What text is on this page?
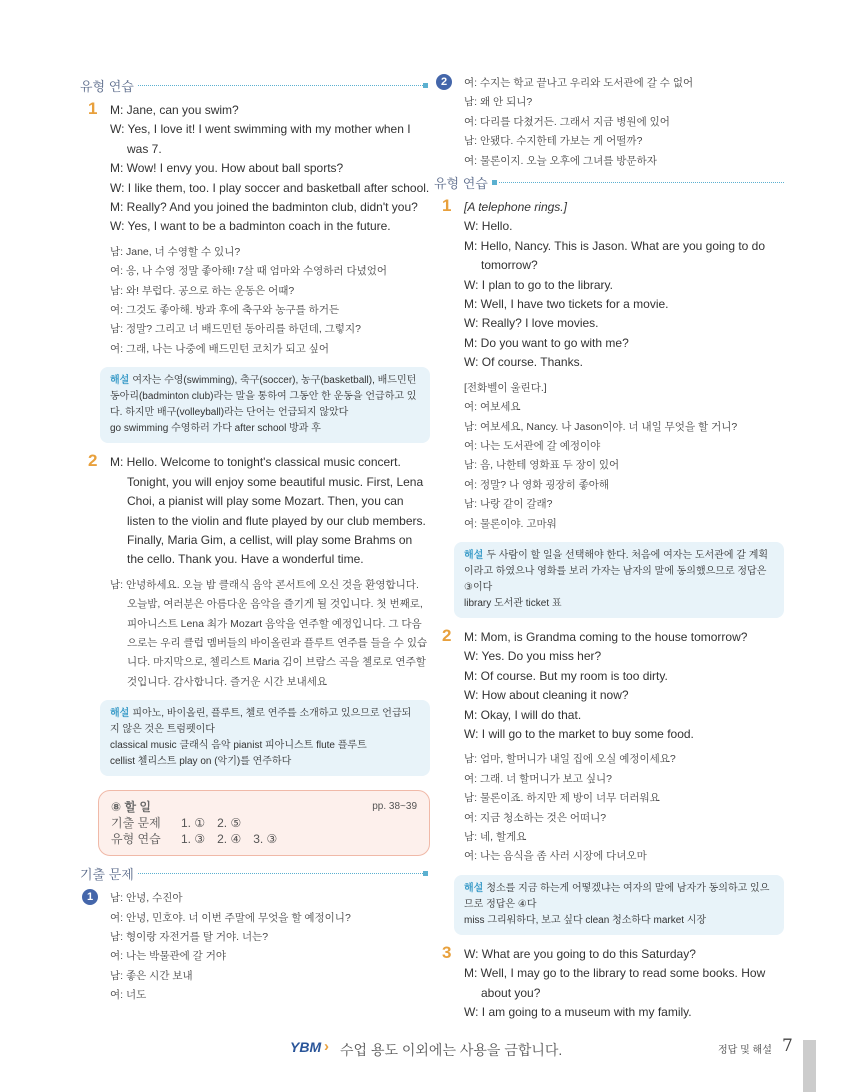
유형 연습
1 M: Jane, can you swim?
W: Yes, I love it! I went swimming with my mother when I was 7.
M: Wow! I envy you. How about ball sports?
W: I like them, too. I play soccer and basketball after school.
M: Really? And you joined the badminton club, didn't you?
W: Yes, I want to be a badminton coach in the future.
남: Jane, 너 수영할 수 있니?
여: 응, 나 수영 정말 좋아해! 7살 때 엄마와 수영하러 다녔었어
남: 와! 부럽다. 공으로 하는 운동은 어때?
여: 그것도 좋아해. 방과 후에 축구와 농구를 하거든
남: 정말? 그리고 너 배드민턴 동아리를 하던데, 그렇지?
여: 그래, 나는 나중에 배드민턴 코치가 되고 싶어
해설 여자는 수영(swimming), 축구(soccer), 농구(basketball), 배드민턴 동아리(badminton club)라는 말을 통하여 그동안 한 운동을 언급하고 있다. 하지만 배구(volleyball)라는 단어는 언급되지 않았다
go swimming 수영하러 가다 after school 방과 후
2 M: Hello. Welcome to tonight's classical music concert. Tonight, you will enjoy some beautiful music. First, Lena Choi, a pianist will play some Mozart. Then, you can listen to the violin and flute played by our club members. Finally, Maria Gim, a cellist, will play some Brahms on the cello. Thank you. Have a wonderful time.
남: 안녕하세요. 오늘 밤 클래식 음악 콘서트에 오신 것을 환영합니다. 오늘밤, 여러분은 아름다운 음악을 즐기게 될 것입니다. 첫 번째로, 피아니스트 Lena 최가 Mozart 음악을 연주할 예정입니다. 그 다음으로는 우리 클럽 멤버들의 바이올린과 플루트 연주를 들을 수 있습니다. 마지막으로, 첼리스트 Maria 김이 브람스 곡을 첼로로 연주할 것입니다. 감사합니다. 즐거운 시간 보내세요
해설 피아노, 바이올린, 플루트, 첼로 연주를 소개하고 있으므로 언급되지 않은 것은 트럼펫이다
classical music 클래식 음악 pianist 피아니스트 flute 플루트
cellist 첼리스트 play on (악기)를 연주하다
⑧ 할 일	pp. 38~39
기출 문제	1. ① 2. ⑤
유형 연습	1. ③ 2. ④ 3. ③
기출 문제
1	남: 안녕, 수진아
여: 안녕, 민호야. 너 이번 주말에 무엇을 할 예정이니?
남: 형이랑 자전거를 탈 거야. 너는?
여: 나는 박물관에 갈 거야
남: 좋은 시간 보내
여: 너도
2	여: 수지는 학교 끝나고 우리와 도서관에 갈 수 없어
남: 왜 안 되니?
여: 다리를 다쳤거든. 그래서 지금 병원에 있어
남: 안됐다. 수지한테 가보는 게 어떨까?
여: 물론이지. 오늘 오후에 그녀를 방문하자
유형 연습
1 [A telephone rings.]
W: Hello.
M: Hello, Nancy. This is Jason. What are you going to do tomorrow?
W: I plan to go to the library.
M: Well, I have two tickets for a movie.
W: Really? I love movies.
M: Do you want to go with me?
W: Of course. Thanks.
[전화벨이 울린다.]
여: 여보세요
남: 여보세요, Nancy. 나 Jason이야. 너 내일 무엇을 할 거니?
여: 나는 도서관에 갈 예정이야
남: 음, 나한테 영화표 두 장이 있어
여: 정말? 나 영화 굉장히 좋아해
남: 나랑 같이 갈래?
여: 물론이야. 고마워
해설 두 사람이 할 일을 선택해야 한다. 처음에 여자는 도서관에 갈 계획이라고 하였으나 영화를 보러 가자는 남자의 말에 동의했으므로 정답은 ③이다
library 도서관 ticket 표
2 M: Mom, is Grandma coming to the house tomorrow?
W: Yes. Do you miss her?
M: Of course. But my room is too dirty.
W: How about cleaning it now?
M: Okay, I will do that.
W: I will go to the market to buy some food.
남: 엄마, 할머니가 내일 집에 오실 예정이세요?
여: 그래. 너 할머니가 보고 싶니?
남: 물론이죠. 하지만 제 방이 너무 더러워요
여: 지금 청소하는 것은 어떠니?
남: 네, 할게요
여: 나는 음식을 좀 사러 시장에 다녀오마
해설 청소를 지금 하는게 어떻겠냐는 여자의 말에 남자가 동의하고 있으므로 정답은 ④다
miss 그리워하다, 보고 싶다 clean 청소하다 market 시장
3 W: What are you going to do this Saturday?
M: Well, I may go to the library to read some books. How about you?
W: I am going to a museum with my family.
YBM › 수업 용도 이외에는 사용을 금합니다.	정답 및 해설 7
